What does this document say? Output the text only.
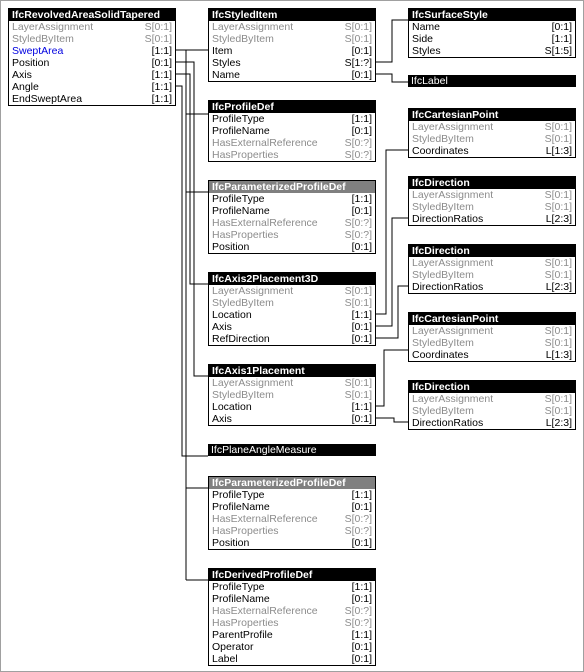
IfcRevolvedAreaSolidTapered
LayerAssignment	S[0:1]
StyledByItem	S[0:1]
SweptArea	[1:1]
Position	[0:1]
Axis	[1:1]
Angle	[1:1]
EndSweptArea	[1:1]
IfcStyledItem
LayerAssignment	S[0:1]
StyledByItem	S[0:1]
Item	[0:1]
Styles	S[1:?]
Name	[0:1]
IfcSurfaceStyle
Name	[0:1]
Side	[1:1]
Styles	S[1:5]
IfcLabel
IfcProfileDef
ProfileType	[1:1]
ProfileName	[0:1]
HasExternalReference	S[0:?]
HasProperties	S[0:?]
IfcCartesianPoint
LayerAssignment	S[0:1]
StyledByItem	S[0:1]
Coordinates	L[1:3]
IfcParameterizedProfileDef
ProfileType	[1:1]
ProfileName	[0:1]
HasExternalReference	S[0:?]
HasProperties	S[0:?]
Position	[0:1]
IfcDirection
LayerAssignment	S[0:1]
StyledByItem	S[0:1]
DirectionRatios	L[2:3]
IfcDirection
LayerAssignment	S[0:1]
StyledByItem	S[0:1]
DirectionRatios	L[2:3]
IfcAxis2Placement3D
LayerAssignment	S[0:1]
StyledByItem	S[0:1]
Location	[1:1]
Axis	[0:1]
RefDirection	[0:1]
IfcCartesianPoint
LayerAssignment	S[0:1]
StyledByItem	S[0:1]
Coordinates	L[1:3]
IfcAxis1Placement
LayerAssignment	S[0:1]
StyledByItem	S[0:1]
Location	[1:1]
Axis	[0:1]
IfcDirection
LayerAssignment	S[0:1]
StyledByItem	S[0:1]
DirectionRatios	L[2:3]
IfcPlaneAngleMeasure
IfcParameterizedProfileDef
ProfileType	[1:1]
ProfileName	[0:1]
HasExternalReference	S[0:?]
HasProperties	S[0:?]
Position	[0:1]
IfcDerivedProfileDef
ProfileType	[1:1]
ProfileName	[0:1]
HasExternalReference	S[0:?]
HasProperties	S[0:?]
ParentProfile	[1:1]
Operator	[0:1]
Label	[0:1]
